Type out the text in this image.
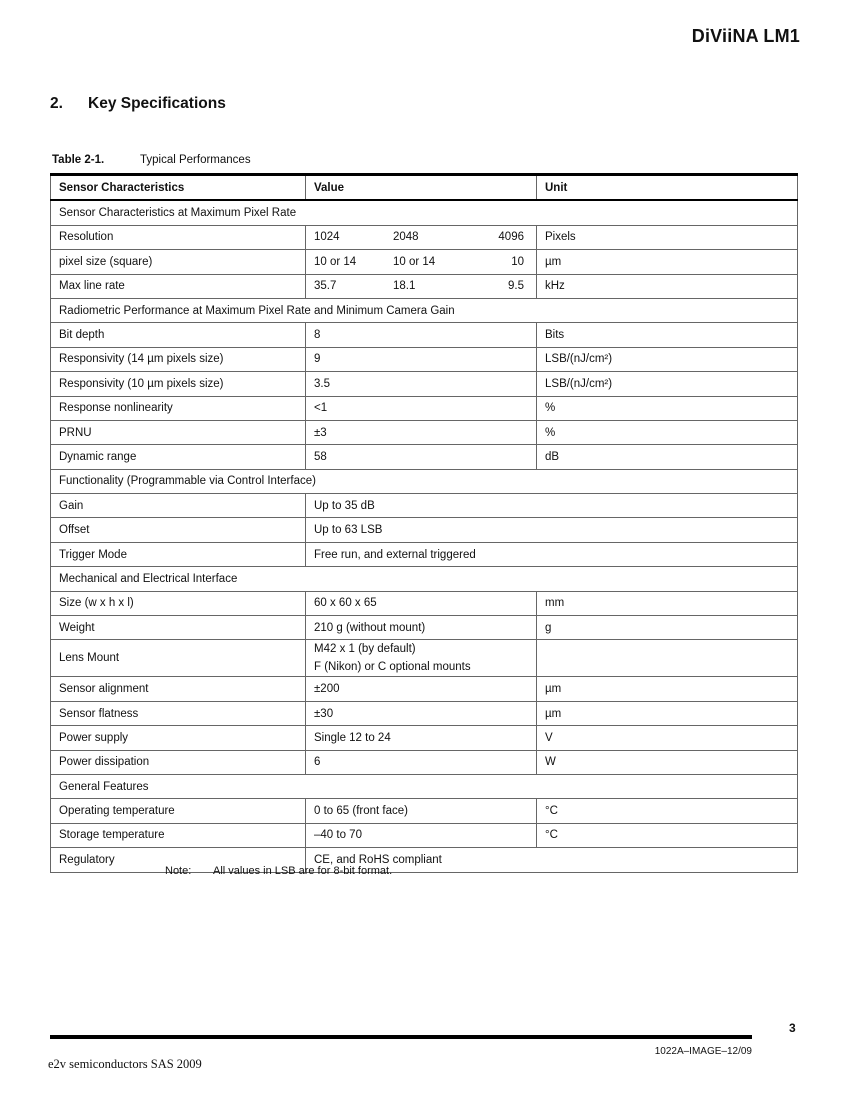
DiViiNA LM1
2. Key Specifications
Table 2-1.	Typical Performances
Sensor Characteristics	Value	Unit
Sensor Characteristics at Maximum Pixel Rate		
Resolution	1024 2048 4096	Pixels
pixel size (square)	10 or 14 10 or 14 10	µm
Max line rate	35.7 18.1 9.5	kHz
Radiometric Performance at Maximum Pixel Rate and Minimum Camera Gain		
Bit depth	8	Bits
Responsivity (14 µm pixels size)	9	LSB/(nJ/cm²)
Responsivity (10 µm pixels size)	3.5	LSB/(nJ/cm²)
Response nonlinearity	<1	%
PRNU	±3	%
Dynamic range	58	dB
Functionality (Programmable via Control Interface)		
Gain	Up to 35 dB	
Offset	Up to 63 LSB	
Trigger Mode	Free run, and external triggered	
Mechanical and Electrical Interface		
Size (w x h x l)	60 x 60 x 65	mm
Weight	210 g (without mount)	g
Lens Mount	M42 x 1 (by default)
F (Nikon) or C optional mounts	

Sensor alignment	±200	µm
Sensor flatness	±30	µm
Power supply	Single 12 to 24	V
Power dissipation	6	W
General Features		
Operating temperature	0 to 65 (front face)	°C
Storage temperature	–40 to 70	°C
Regulatory	CE, and RoHS compliant	
Note: All values in LSB are for 8-bit format.
3
1022A–IMAGE–12/09
e2v semiconductors SAS 2009
